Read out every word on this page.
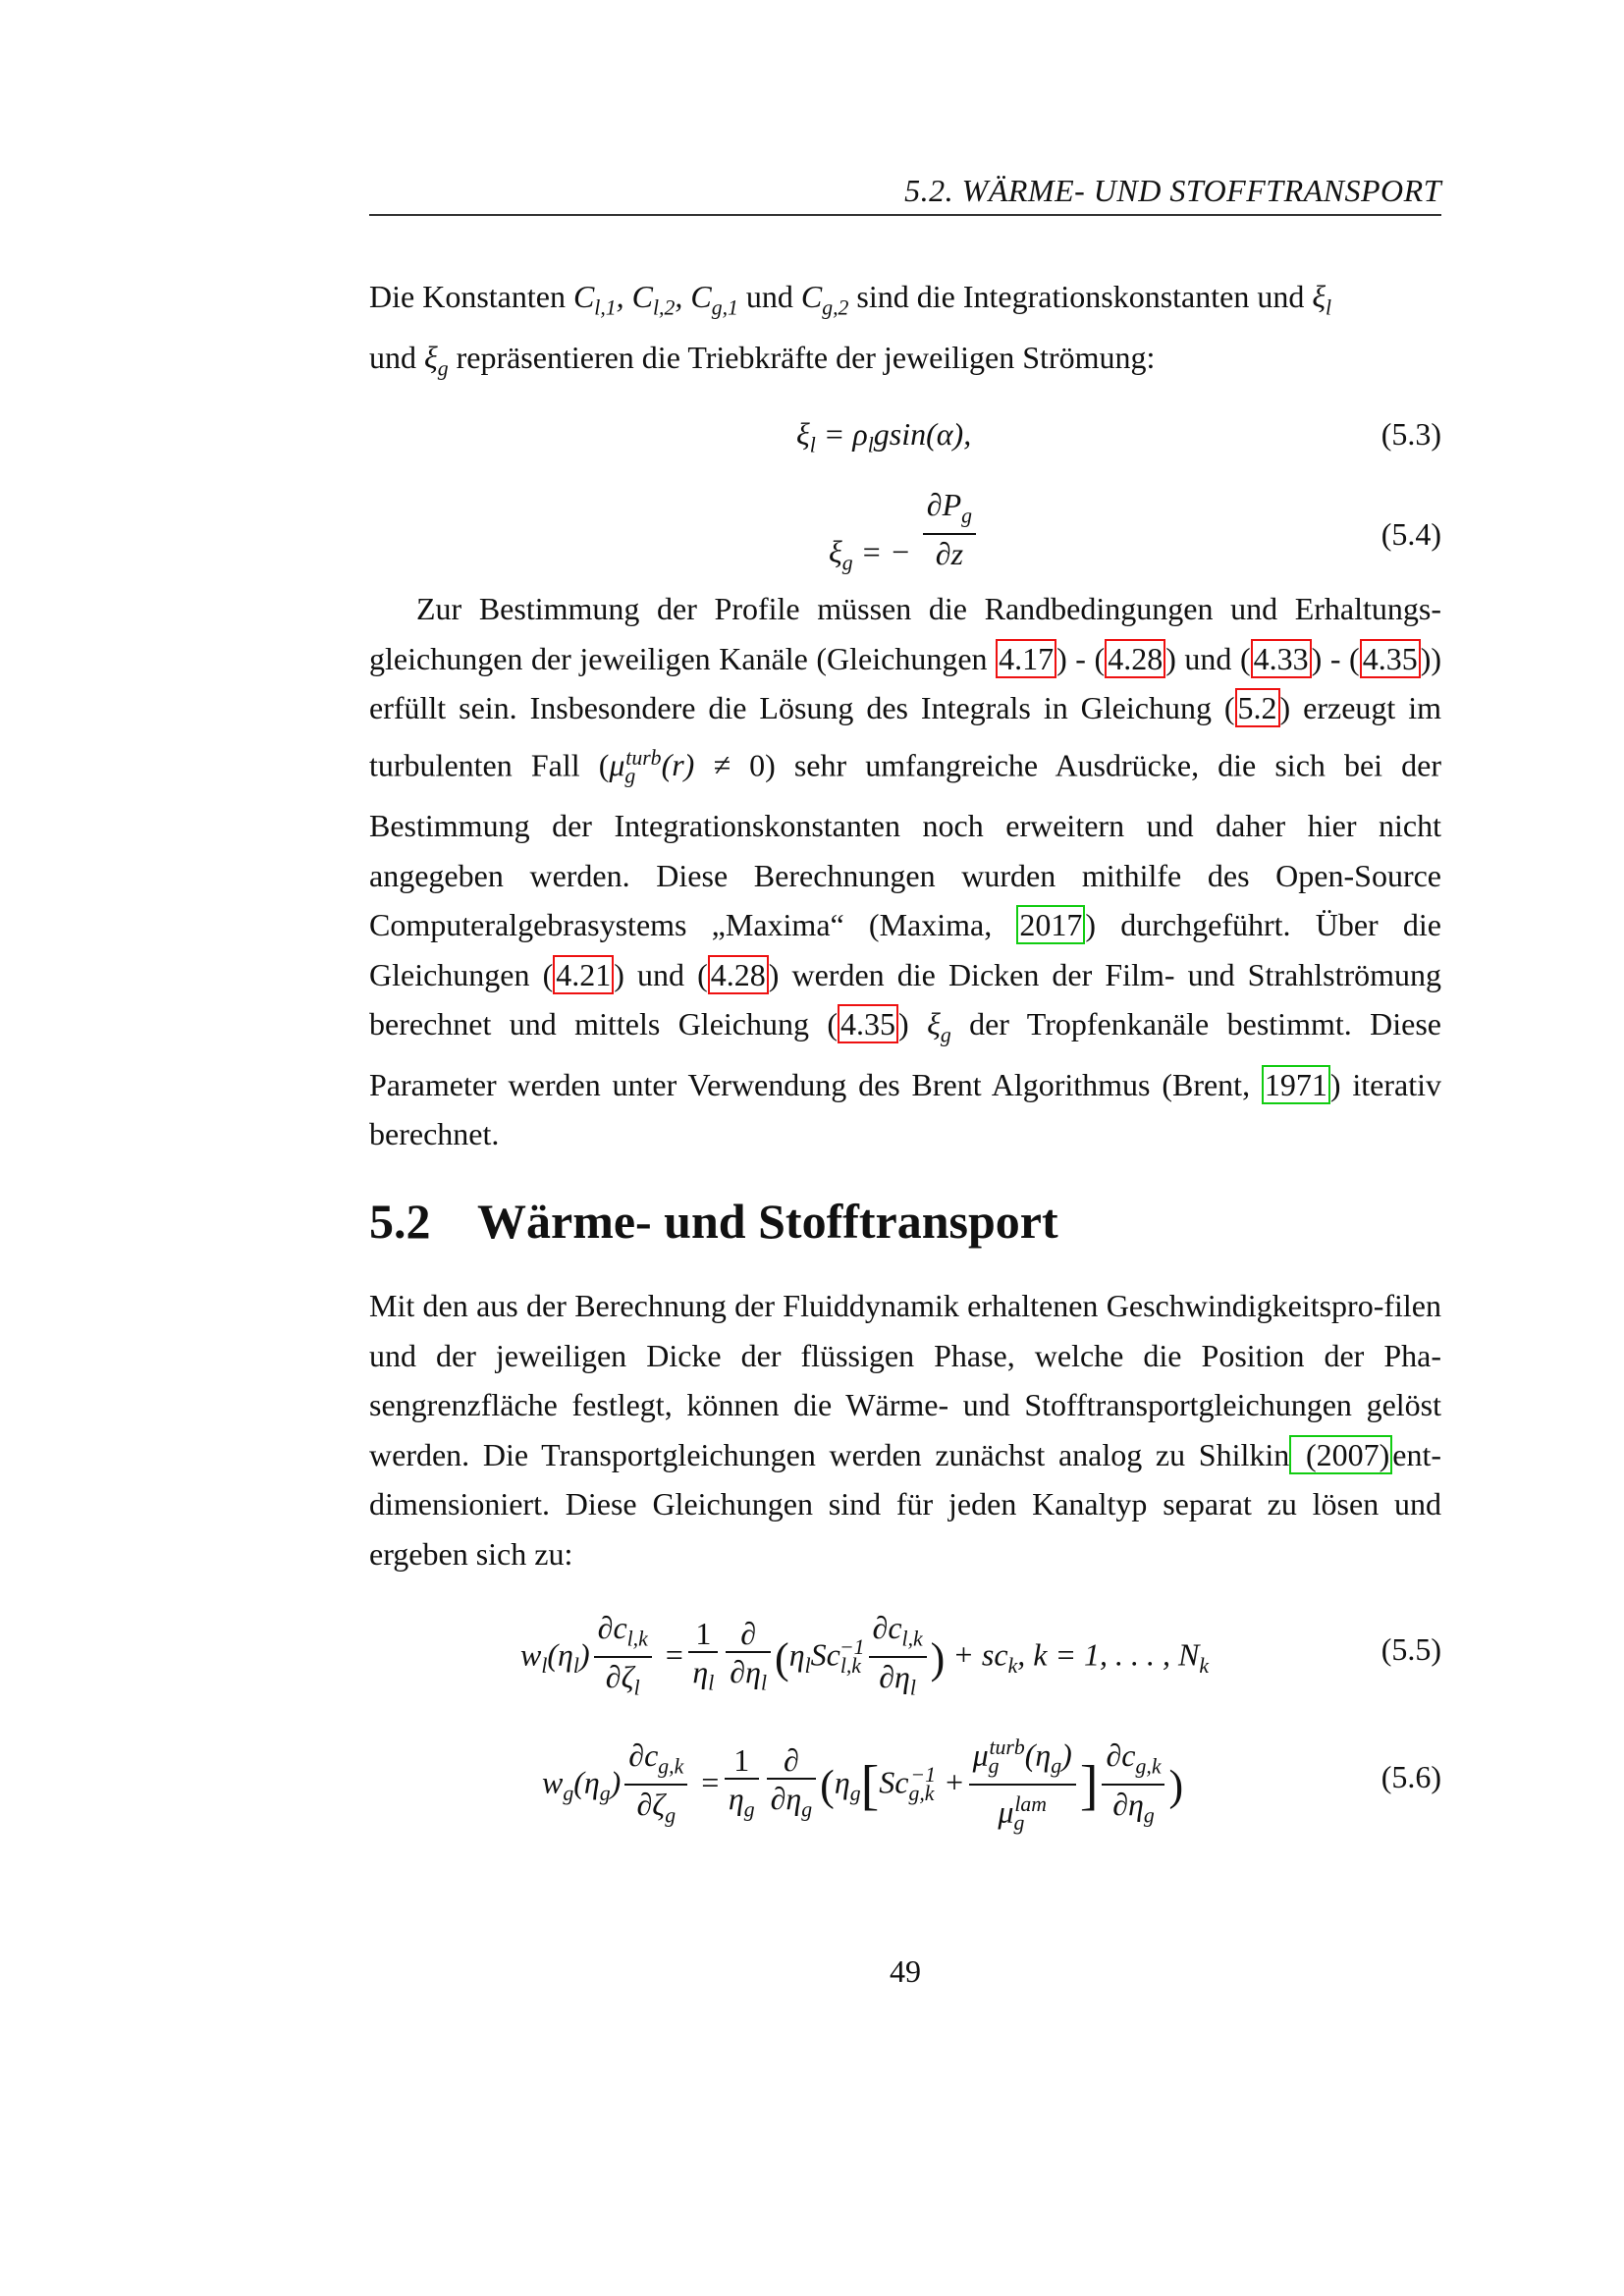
5.2. WÄRME- UND STOFFTRANSPORT
Die Konstanten $C_{l,1}$, $C_{l,2}$, $C_{g,1}$ und $C_{g,2}$ sind die Integrationskonstanten und $\xi_l$
und $\xi_g$ repräsentieren die Triebkräfte der jeweiligen Strömung:
$\xi_l = \rho_lgsin(\alpha)$,	(5.3)
$\xi_g$ = − $\frac{\partial P_g}{\partial z}$	(5.4)
Zur Bestimmung der Profile müssen die Randbedingungen und Erhaltungs-gleichungen der jeweiligen Kanäle (Gleichungen 4.17) - (4.28) und (4.33) - (4.35)) erfüllt sein. Insbesondere die Lösung des Integrals in Gleichung (5.2) erzeugt im turbulenten Fall $(\mu_g^{turb}(r) \ne 0)$ sehr umfangreiche Ausdrücke, die sich bei der Bestimmung der Integrationskonstanten noch erweitern und daher hier nicht angegeben werden. Diese Berechnungen wurden mithilfe des Open-Source Computeralgebrasystems „Maxima“ (Maxima, 2017) durchgeführt. Über die Gleichungen (4.21) und (4.28) werden die Dicken der Film- und Strahlströmung berechnet und mittels Gleichung (4.35) $\xi_g$ der Tropfenkanäle bestimmt. Diese Parameter werden unter Verwendung des Brent Algorithmus (Brent, 1971) iterativ berechnet.
5.2 Wärme- und Stofftransport
Mit den aus der Berechnung der Fluiddynamik erhaltenen Geschwindigkeitspro-filen und der jeweiligen Dicke der flüssigen Phase, welche die Position der Pha-sengrenzfläche festlegt, können die Wärme- und Stofftransportgleichungen gelöst werden. Die Transportgleichungen werden zunächst analog zu Shilkin (2007)ent-dimensioniert. Diese Gleichungen sind für jeden Kanaltyp separat zu lösen und ergeben sich zu:
$w_l(\eta_l) \frac{\partial c_{l,k}}{\partial\zeta_l} = \frac{1}{\eta_l} \frac{\partial}{\partial\eta_l} (\eta_lSc_{l,k}^{-1} \frac{\partial c_{l,k}}{\partial\eta_l}$ ) + $sc_k$, k = 1, . . . , $N_k$	(5.5)
$w_g(\eta_g) \frac{\partial c_{g,k}}{\partial\zeta_g} = \frac{1}{\eta_g} \frac{\partial}{\partial\eta_g} (\eta_g[Sc_{g,k}^{-1} + \frac{\mu_g^{turb}(\eta_g)}{\mu_g^{lam}}$ ] $\frac{\partial c_{g,k}}{\partial\eta_g}$ )	(5.6)
49
